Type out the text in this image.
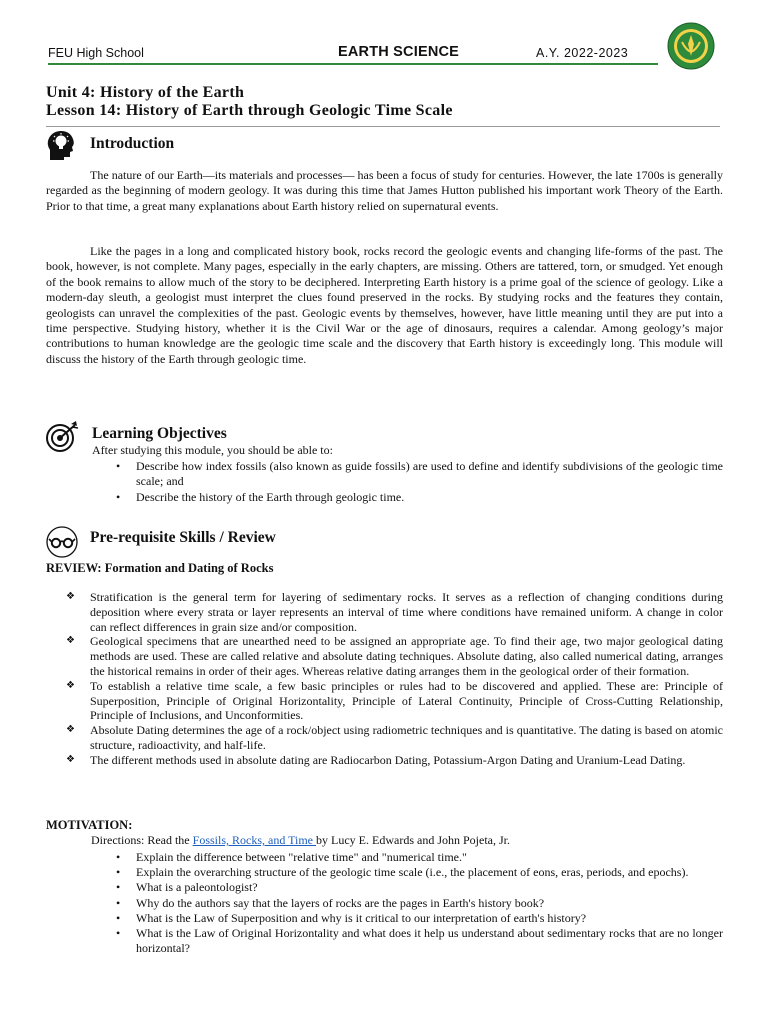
FEU High School	EARTH SCIENCE	A.Y. 2022-2023
Unit 4: History of the Earth
Lesson 14: History of Earth through Geologic Time Scale
Introduction
The nature of our Earth—its materials and processes— has been a focus of study for centuries. However, the late 1700s is generally regarded as the beginning of modern geology. It was during this time that James Hutton published his important work Theory of the Earth. Prior to that time, a great many explanations about Earth history relied on supernatural events.
Like the pages in a long and complicated history book, rocks record the geologic events and changing life-forms of the past. The book, however, is not complete. Many pages, especially in the early chapters, are missing. Others are tattered, torn, or smudged. Yet enough of the book remains to allow much of the story to be deciphered. Interpreting Earth history is a prime goal of the science of geology. Like a modern-day sleuth, a geologist must interpret the clues found preserved in the rocks. By studying rocks and the features they contain, geologists can unravel the complexities of the past. Geologic events by themselves, however, have little meaning until they are put into a time perspective. Studying history, whether it is the Civil War or the age of dinosaurs, requires a calendar. Among geology’s major contributions to human knowledge are the geologic time scale and the discovery that Earth history is exceedingly long. This module will discuss the history of the Earth through geologic time.
Learning Objectives
After studying this module, you should be able to:
• Describe how index fossils (also known as guide fossils) are used to define and identify subdivisions of the geologic time scale; and
• Describe the history of the Earth through geologic time.
Pre-requisite Skills / Review
REVIEW: Formation and Dating of Rocks
❖ Stratification is the general term for layering of sedimentary rocks. It serves as a reflection of changing conditions during deposition where every strata or layer represents an interval of time where conditions have remained uniform. A change in color can reflect differences in grain size and/or composition.
❖ Geological specimens that are unearthed need to be assigned an appropriate age. To find their age, two major geological dating methods are used. These are called relative and absolute dating techniques. Absolute dating, also called numerical dating, arranges the historical remains in order of their ages. Whereas relative dating arranges them in the geological order of their formation.
❖ To establish a relative time scale, a few basic principles or rules had to be discovered and applied. These are: Principle of Superposition, Principle of Original Horizontality, Principle of Lateral Continuity, Principle of Cross-Cutting Relationship, Principle of Inclusions, and Unconformities.
❖ Absolute Dating determines the age of a rock/object using radiometric techniques and is quantitative. The dating is based on atomic structure, radioactivity, and half-life.
❖ The different methods used in absolute dating are Radiocarbon Dating, Potassium-Argon Dating and Uranium-Lead Dating.
MOTIVATION:
Directions: Read the Fossils, Rocks, and Time by Lucy E. Edwards and John Pojeta, Jr.
• Explain the difference between "relative time" and "numerical time."
• Explain the overarching structure of the geologic time scale (i.e., the placement of eons, eras, periods, and epochs).
• What is a paleontologist?
• Why do the authors say that the layers of rocks are the pages in Earth's history book?
• What is the Law of Superposition and why is it critical to our interpretation of earth's history?
• What is the Law of Original Horizontality and what does it help us understand about sedimentary rocks that are no longer horizontal?
